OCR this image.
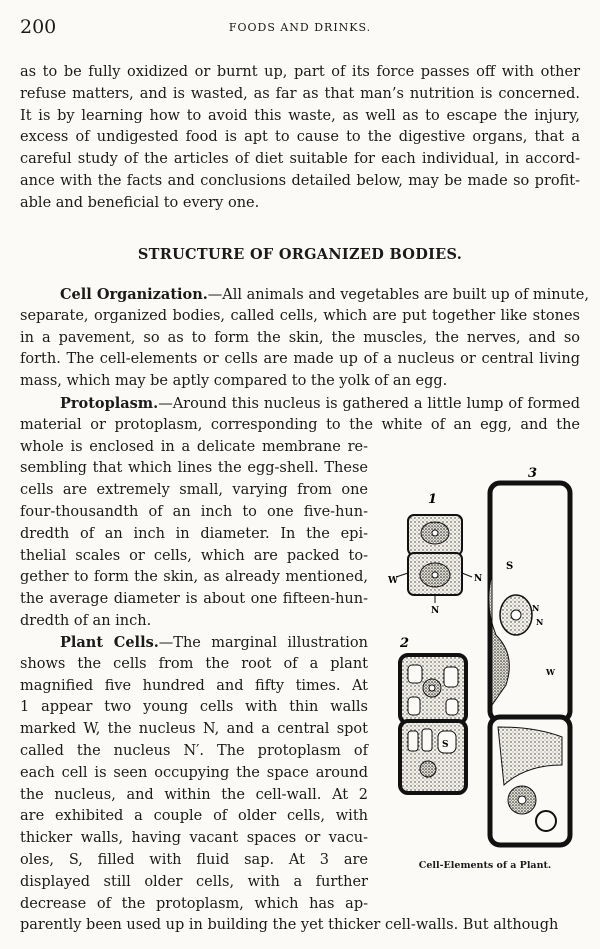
200	FOODS AND DRINKS.
as to be fully oxidized or burnt up, part of its force passes off with other
refuse matters, and is wasted, as far as that man’s nutrition is concerned.
It is by learning how to avoid this waste, as well as to escape the injury,
excess of undigested food is apt to cause to the digestive organs, that a
careful study of the articles of diet suitable for each individual, in accord-
ance with the facts and conclusions detailed below, may be made so profit-
able and beneficial to every one.
STRUCTURE OF ORGANIZED BODIES.
Cell Organization.—All animals and vegetables are built up of minute,
separate, organized bodies, called cells, which are put together like stones
in a pavement, so as to form the skin, the muscles, the nerves, and so
forth. The cell-elements or cells are made up of a nucleus or central living
mass, which may be aptly compared to the yolk of an egg.
Protoplasm.—Around this nucleus is gathered a little lump of formed
material or protoplasm, corresponding to the white of an egg, and the
whole is enclosed in a delicate membrane re-
sembling that which lines the egg-shell. These
cells are extremely small, varying from one
four-thousandth of an inch to one five-hun-
dredth of an inch in diameter. In the epi-
thelial scales or cells, which are packed to-
gether to form the skin, as already mentioned,
the average diameter is about one fifteen-hun-
dredth of an inch.
Plant Cells.—The marginal illustration
shows the cells from the root of a plant
magnified five hundred and fifty times. At
1 appear two young cells with thin walls
marked W, the nucleus N, and a central spot
called the nucleus N′. The protoplasm of
each cell is seen occupying the space around
the nucleus, and within the cell-wall. At 2
are exhibited a couple of older cells, with
thicker walls, having vacant spaces or vacu-
oles, S, filled with fluid sap. At 3 are
displayed still older cells, with a further
decrease of the protoplasm, which has ap-
parently been used up in building the yet thicker cell-walls. But although
1
W	N
N
2
S
3
S
N
N
W
Cell-Elements of a Plant.
